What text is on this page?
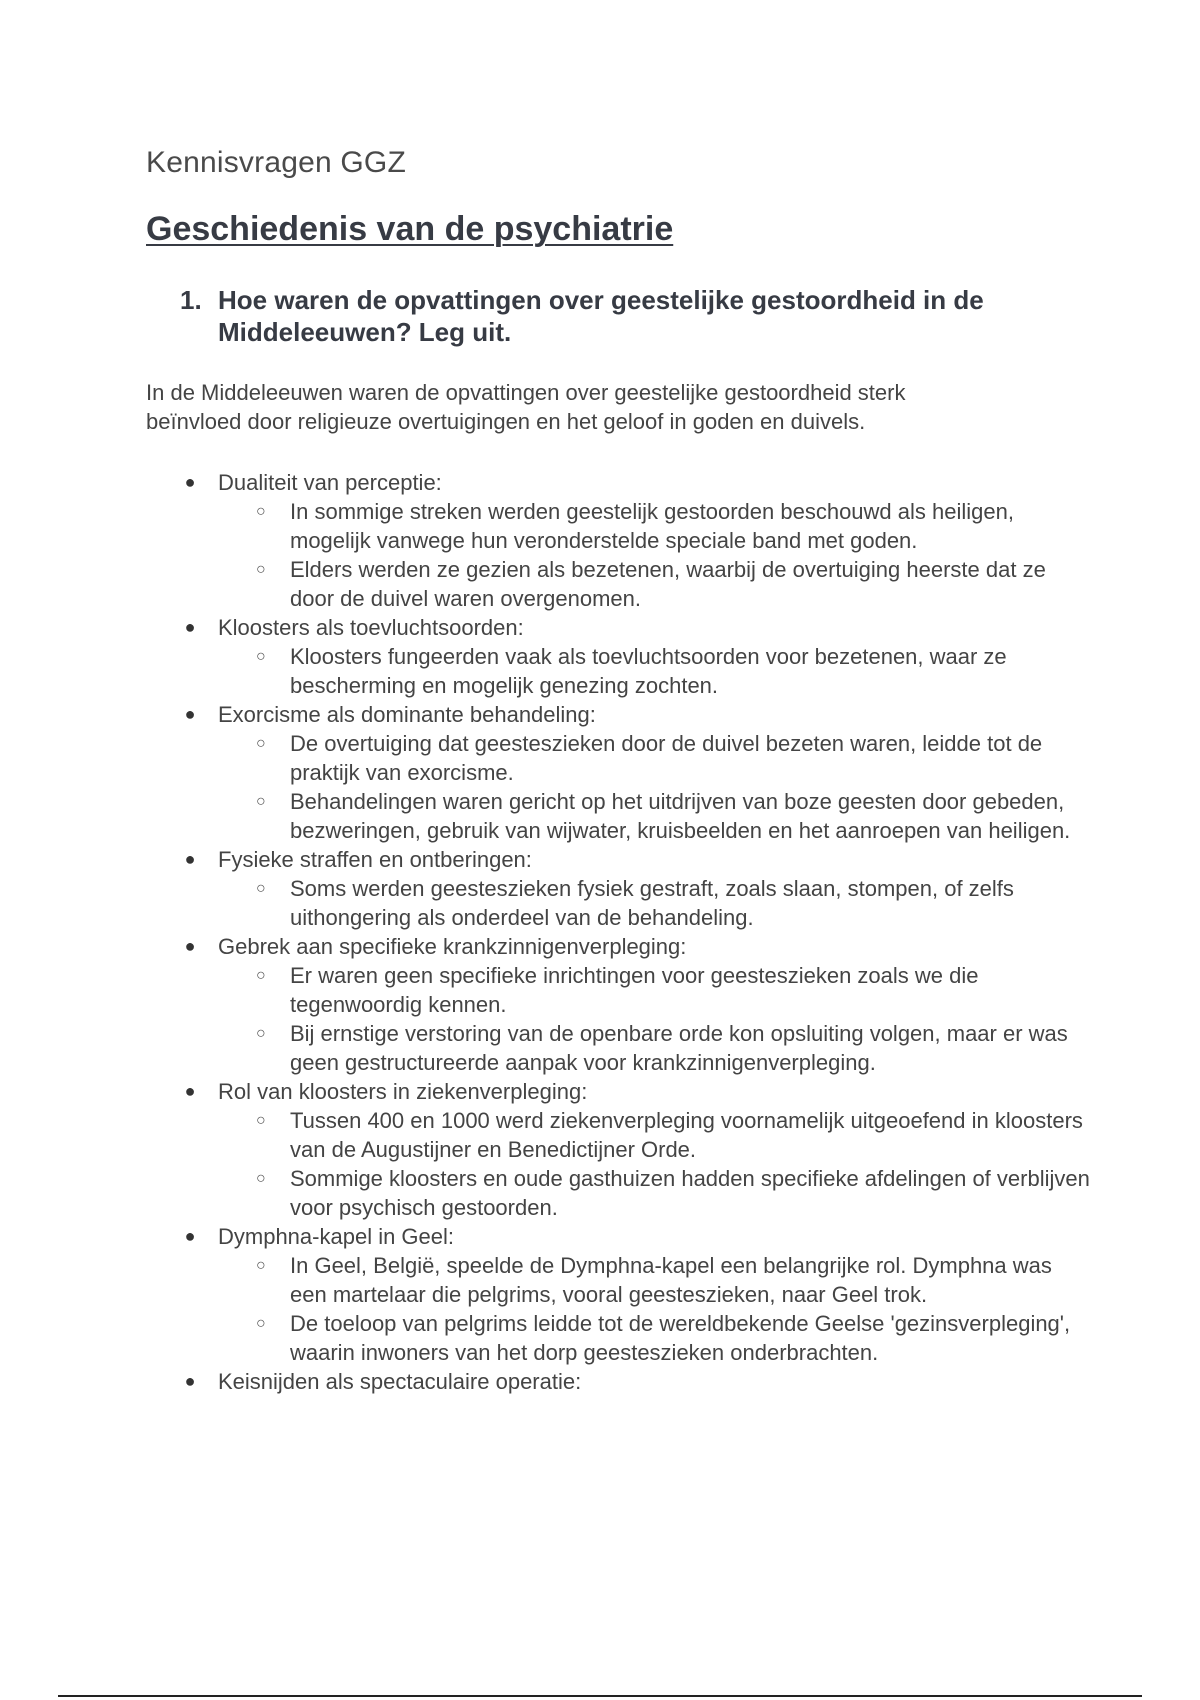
Kennisvragen GGZ
Geschiedenis van de psychiatrie
1. Hoe waren de opvattingen over geestelijke gestoordheid in de Middeleeuwen? Leg uit.

In de Middeleeuwen waren de opvattingen over geestelijke gestoordheid sterk beïnvloed door religieuze overtuigingen en het geloof in goden en duivels.

● Dualiteit van perceptie:
○ In sommige streken werden geestelijk gestoorden beschouwd als heiligen, mogelijk vanwege hun veronderstelde speciale band met goden.
○ Elders werden ze gezien als bezetenen, waarbij de overtuiging heerste dat ze door de duivel waren overgenomen.
● Kloosters als toevluchtsoorden:
○ Kloosters fungeerden vaak als toevluchtsoorden voor bezetenen, waar ze bescherming en mogelijk genezing zochten.
● Exorcisme als dominante behandeling:
○ De overtuiging dat geesteszieken door de duivel bezeten waren, leidde tot de praktijk van exorcisme.
○ Behandelingen waren gericht op het uitdrijven van boze geesten door gebeden, bezweringen, gebruik van wijwater, kruisbeelden en het aanroepen van heiligen.
● Fysieke straffen en ontberingen:
○ Soms werden geesteszieken fysiek gestraft, zoals slaan, stompen, of zelfs uithongering als onderdeel van de behandeling.
● Gebrek aan specifieke krankzinnigenverpleging:
○ Er waren geen specifieke inrichtingen voor geesteszieken zoals we die tegenwoordig kennen.
○ Bij ernstige verstoring van de openbare orde kon opsluiting volgen, maar er was geen gestructureerde aanpak voor krankzinnigenverpleging.
● Rol van kloosters in ziekenverpleging:
○ Tussen 400 en 1000 werd ziekenverpleging voornamelijk uitgeoefend in kloosters van de Augustijner en Benedictijner Orde.
○ Sommige kloosters en oude gasthuizen hadden specifieke afdelingen of verblijven voor psychisch gestoorden.
● Dymphna-kapel in Geel:
○ In Geel, België, speelde de Dymphna-kapel een belangrijke rol. Dymphna was een martelaar die pelgrims, vooral geesteszieken, naar Geel trok.
○ De toeloop van pelgrims leidde tot de wereldbekende Geelse 'gezinsverpleging', waarin inwoners van het dorp geesteszieken onderbrachten.
● Keisnijden als spectaculaire operatie:
